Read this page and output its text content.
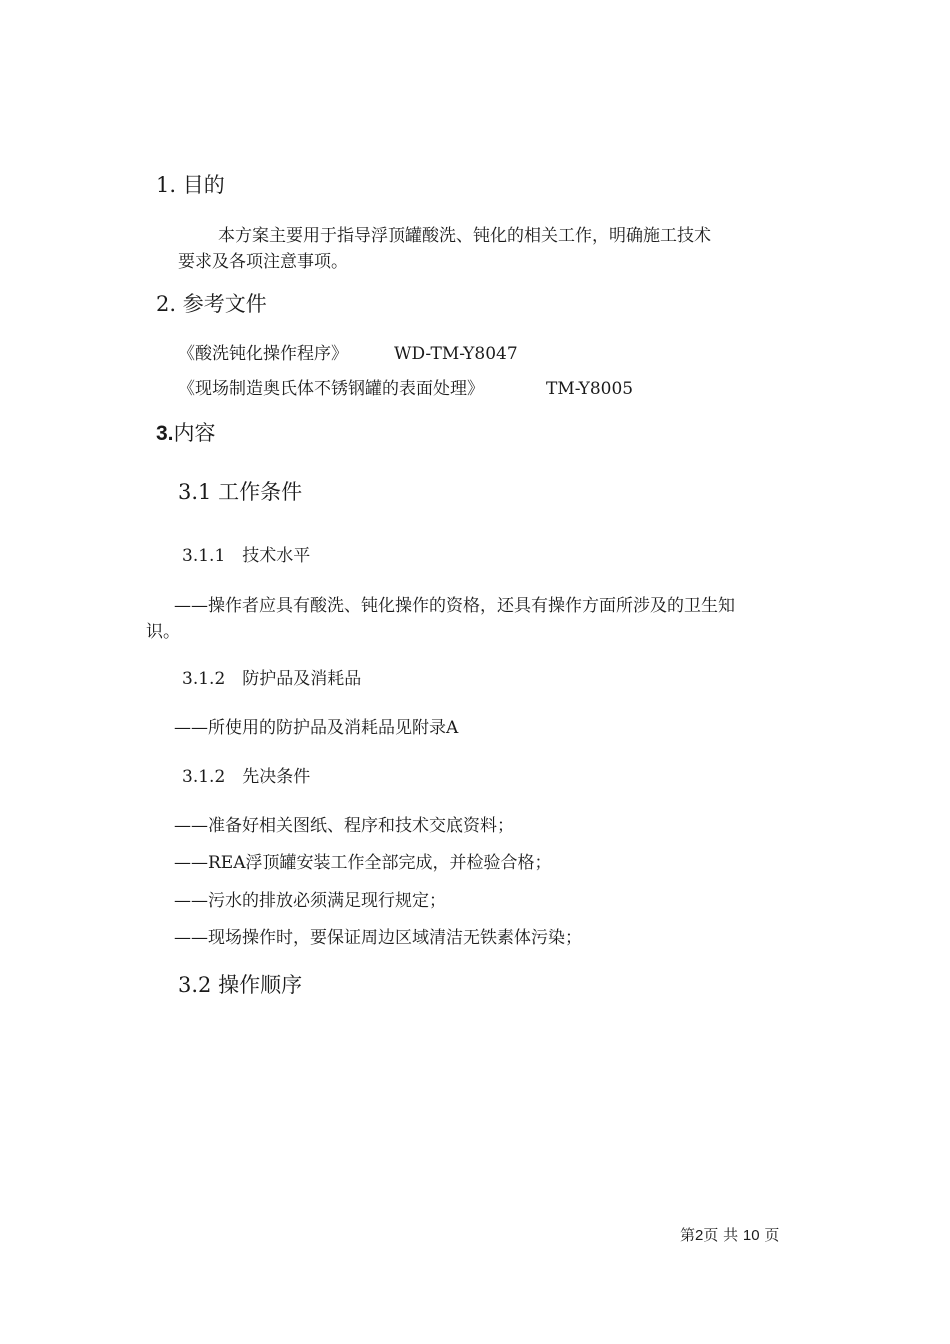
1. 目的
本方案主要用于指导浮顶罐酸洗、钝化的相关工作，明确施工技术
要求及各项注意事项。
2. 参考文件
《酸洗钝化操作程序》	WD-TM-Y8047
《现场制造奥氏体不锈钢罐的表面处理》	TM-Y8005
3.内容
3.1 工作条件
3.1.1　技术水平
——操作者应具有酸洗、钝化操作的资格，还具有操作方面所涉及的卫生知
识。
3.1.2　防护品及消耗品
——所使用的防护品及消耗品见附录A
3.1.2　先决条件
——准备好相关图纸、程序和技术交底资料；
——REA浮顶罐安装工作全部完成，并检验合格；
——污水的排放必须满足现行规定；
——现场操作时，要保证周边区域清洁无铁素体污染；
3.2 操作顺序
第2页 共 10 页
